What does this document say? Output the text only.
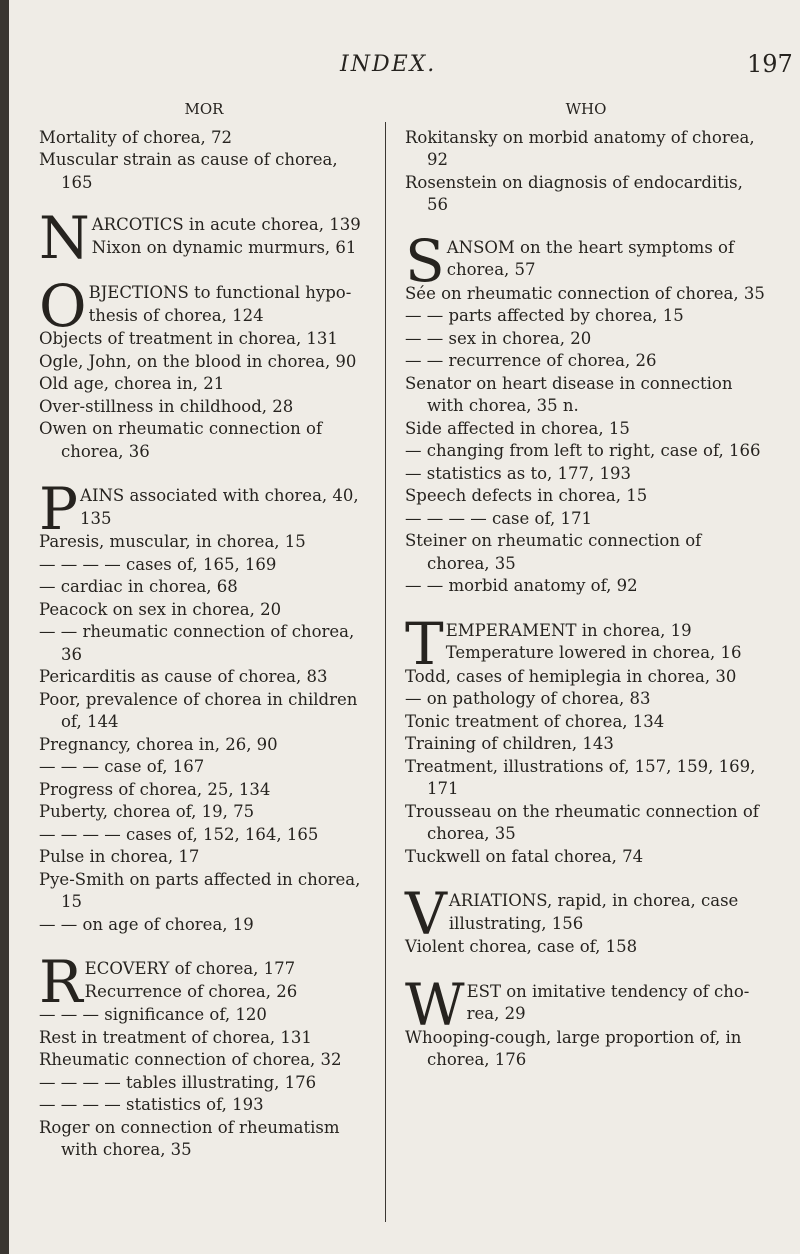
INDEX.	197
MOR
Mortality of chorea, 72
Muscular strain as cause of chorea, 165
N ARCOTICS in acute chorea, 139
Nixon on dynamic murmurs, 61
O BJECTIONS to functional hypo-
thesis of chorea, 124
Objects of treatment in chorea, 131
Ogle, John, on the blood in chorea, 90
Old age, chorea in, 21
Over-stillness in childhood, 28
Owen on rheumatic connection of chorea, 36
P AINS associated with chorea, 40,
135
Paresis, muscular, in chorea, 15
— — — — cases of, 165, 169
— cardiac in chorea, 68
Peacock on sex in chorea, 20
— — rheumatic connection of chorea, 36
Pericarditis as cause of chorea, 83
Poor, prevalence of chorea in children of, 144
Pregnancy, chorea in, 26, 90
— — — case of, 167
Progress of chorea, 25, 134
Puberty, chorea of, 19, 75
— — — — cases of, 152, 164, 165
Pulse in chorea, 17
Pye-Smith on parts affected in chorea, 15
— — on age of chorea, 19
R ECOVERY of chorea, 177
Recurrence of chorea, 26
— — — significance of, 120
Rest in treatment of chorea, 131
Rheumatic connection of chorea, 32
— — — — tables illustrating, 176
— — — — statistics of, 193
Roger on connection of rheumatism with chorea, 35
WHO
Rokitansky on morbid anatomy of chorea, 92
Rosenstein on diagnosis of endocarditis, 56
S ANSOM on the heart symptoms of
chorea, 57
Sée on rheumatic connection of chorea, 35
— — parts affected by chorea, 15
— — sex in chorea, 20
— — recurrence of chorea, 26
Senator on heart disease in connection with chorea, 35 n.
Side affected in chorea, 15
— changing from left to right, case of, 166
— statistics as to, 177, 193
Speech defects in chorea, 15
— — — — case of, 171
Steiner on rheumatic connection of chorea, 35
— — morbid anatomy of, 92
T EMPERAMENT in chorea, 19
Temperature lowered in chorea, 16
Todd, cases of hemiplegia in chorea, 30
— on pathology of chorea, 83
Tonic treatment of chorea, 134
Training of children, 143
Treatment, illustrations of, 157, 159, 169, 171
Trousseau on the rheumatic connection of chorea, 35
Tuckwell on fatal chorea, 74
V ARIATIONS, rapid, in chorea, case
illustrating, 156
Violent chorea, case of, 158
W EST on imitative tendency of cho-
rea, 29
Whooping-cough, large proportion of, in chorea, 176
